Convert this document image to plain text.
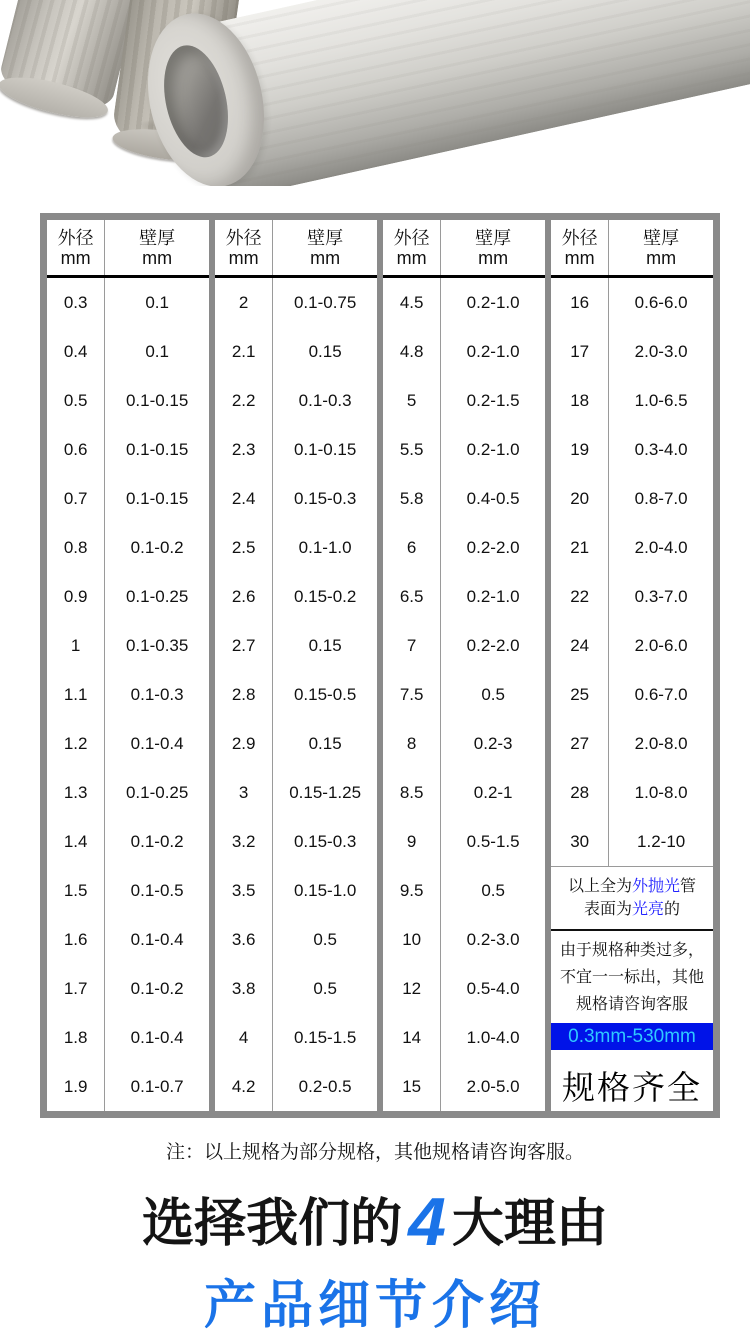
外径
mm
壁厚
mm
0.3	0.1
0.4	0.1
0.5	0.1-0.15
0.6	0.1-0.15
0.7	0.1-0.15
0.8	0.1-0.2
0.9	0.1-0.25
1	0.1-0.35
1.1	0.1-0.3
1.2	0.1-0.4
1.3	0.1-0.25
1.4	0.1-0.2
1.5	0.1-0.5
1.6	0.1-0.4
1.7	0.1-0.2
1.8	0.1-0.4
1.9	0.1-0.7
外径
mm
壁厚
mm
2	0.1-0.75
2.1	0.15
2.2	0.1-0.3
2.3	0.1-0.15
2.4	0.15-0.3
2.5	0.1-1.0
2.6	0.15-0.2
2.7	0.15
2.8	0.15-0.5
2.9	0.15
3	0.15-1.25
3.2	0.15-0.3
3.5	0.15-1.0
3.6	0.5
3.8	0.5
4	0.15-1.5
4.2	0.2-0.5
外径
mm
壁厚
mm
4.5	0.2-1.0
4.8	0.2-1.0
5	0.2-1.5
5.5	0.2-1.0
5.8	0.4-0.5
6	0.2-2.0
6.5	0.2-1.0
7	0.2-2.0
7.5	0.5
8	0.2-3
8.5	0.2-1
9	0.5-1.5
9.5	0.5
10	0.2-3.0
12	0.5-4.0
14	1.0-4.0
15	2.0-5.0
外径
mm
壁厚
mm
16	0.6-6.0
17	2.0-3.0
18	1.0-6.5
19	0.3-4.0
20	0.8-7.0
21	2.0-4.0
22	0.3-7.0
24	2.0-6.0
25	0.6-7.0
27	2.0-8.0
28	1.0-8.0
30	1.2-10
以上全为外抛光管
表面为光亮的
由于规格种类过多，
不宜一一标出，其他
规格请咨询客服
0.3mm-530mm
规格齐全
注：以上规格为部分规格，其他规格请咨询客服。
选择我们的4 大理由
产品细节介绍
